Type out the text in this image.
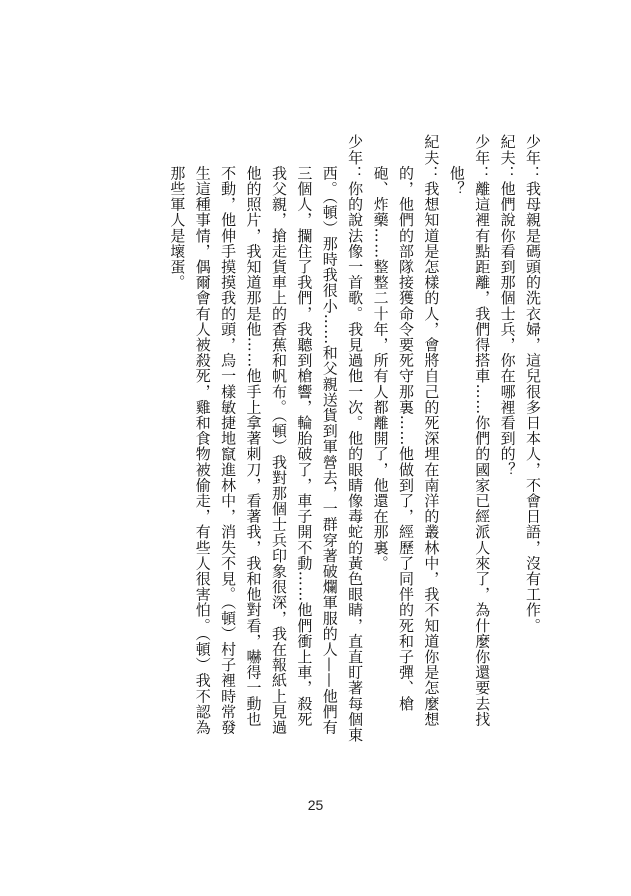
少年：我母親是碼頭的洗衣婦，這兒很多日本人，不會日語，沒有工作。

紀夫：他們說你看到那個士兵，你在哪裡看到的？

少年：離這裡有點距離，我們得搭車……你們的國家已經派人來了，為什麼你還要去找

　　他？

紀夫：我想知道是怎樣的人，會將自己的死深埋在南洋的叢林中，我不知道你是怎麼想

　　的，他們的部隊接獲命令要死守那裏……他做到了，經歷了同伴的死和子彈、槍

　　砲、炸藥……整整二十年，所有人都離開了，他還在那裏。

少年：你的說法像一首歌。我見過他一次。他的眼睛像毒蛇的黃色眼睛，直直盯著每個東

　　西。（頓）那時我很小……和父親送貨到軍營去，一群穿著破爛軍服的人——他們有

　　三個人，攔住了我們，我聽到槍響，輪胎破了，車子開不動……他們衝上車，殺死

　　我父親，搶走貨車上的香蕉和帆布。（頓）我對那個士兵印象很深，我在報紙上見過

　　他的照片，我知道那是他……他手上拿著刺刀，看著我，我和他對看，嚇得一動也

　　不動，他伸手摸摸我的頭，烏一樣敏捷地竄進林中，消失不見。（頓）村子裡時常發

　　生這種事情，偶爾會有人被殺死，雞和食物被偷走，有些人很害怕。（頓）我不認為

　　那些軍人是壞蛋。

25
